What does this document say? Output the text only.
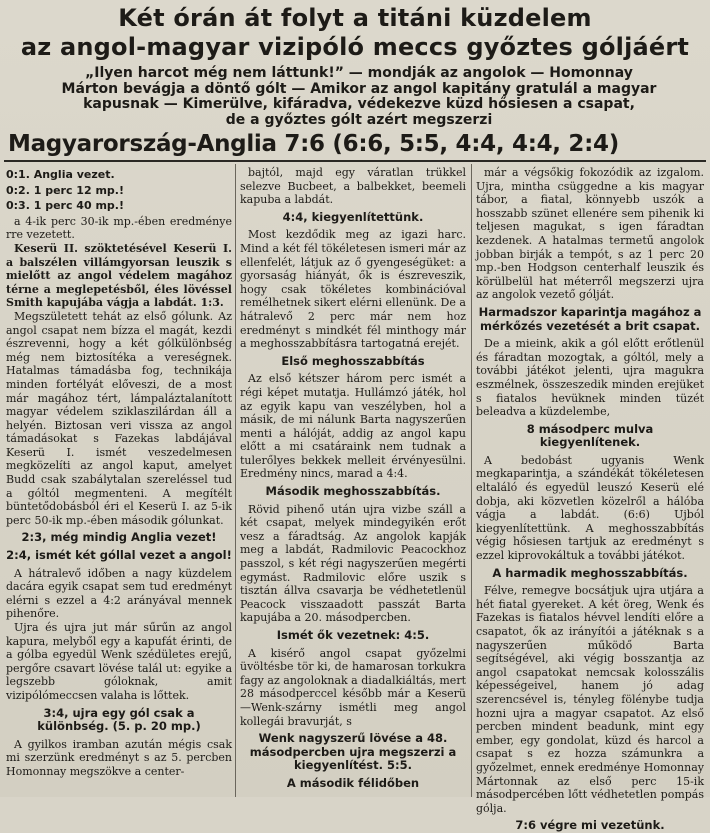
Két órán át folyt a titáni küzdelem
az angol-magyar vizipóló meccs győztes góljáért
„Ilyen harcot még nem láttunk!” — mondják az angolok — Homonnay
Márton bevágja a döntő gólt — Amikor az angol kapitány gratulál a magyar
kapusnak — Kimerülve, kifáradva, védekezve küzd hősiesen a csapat,
de a győztes gólt azért megszerzi
Magyarország-Anglia 7:6 (6:6, 5:5, 4:4, 4:4, 2:4)

0:1. Anglia vezet.

0:2. 1 perc 12 mp.!

0:3. 1 perc 40 mp.!

a 4-ik perc 30-ik mp.-ében eredménye rre vezetett.

Keserü II. szöktetésével Keserü I. a balszélen villámgyorsan leuszik s mielőtt az angol védelem magához térne a meglepetésből, éles lövéssel Smith kapujába vágja a labdát. 1:3.

Megszületett tehát az első gólunk. Az angol csapat nem bízza el magát, kezdi észrevenni, hogy a két gólkülönbség még nem biztosítéka a vereségnek. Hatalmas támadásba fog, technikája minden fortélyát előveszi, de a most már magához tért, lámpaláztalanított magyar védelem sziklaszilárdan áll a helyén. Biztosan veri vissza az angol támadásokat s Fazekas labdájával Keserü I. ismét veszedelmesen megközelíti az angol kaput, amelyet Budd csak szabálytalan szereléssel tud a góltól megmenteni. A megítélt büntetődobásból éri el Keserü I. az 5-ik perc 50-ik mp.-ében második gólunkat.

2:3, még mindig Anglia vezet!

2:4, ismét két góllal vezet a angol!

A hátralevő időben a nagy küzdelem dacára egyik csapat sem tud eredményt elérni s ezzel a 4:2 arányával mennek pihenőre.

Ujra és ujra jut már sűrűn az angol kapura, melyből egy a kapufát érinti, de a gólba egyedül Wenk szédületes erejű, pergőre csavart lövése talál ut: egyike a legszebb góloknak, amit vizipólómeccsen valaha is lőttek.

3:4, ujra egy gól csak a különbség. (5. p. 20 mp.)

A gyilkos iramban azután mégis csak mi szerzünk eredményt s az 5. percben Homonnay megszökve a center-

bajtól, majd egy váratlan trükkel selezve Bucbeet, a balbekket, beemeli kapuba a labdát.

4:4, kiegyenlítettünk.

Most kezdődik meg az igazi harc. Mind a két fél tökéletesen ismeri már az ellenfelét, látjuk az ő gyengeségüket: a gyorsaság hiányát, ők is észreveszik, hogy csak tökéletes kombinációval remélhetnek sikert elérni ellenünk. De a hátralevő 2 perc már nem hoz eredményt s mindkét fél minthogy már a meghosszabbításra tartogatná erejét.

Első meghosszabbítás

Az első kétszer három perc ismét a régi képet mutatja. Hullámzó játék, hol az egyik kapu van veszélyben, hol a másik, de mi nálunk Barta nagyszerűen menti a hálóját, addig az angol kapu előtt a mi csatáraink nem tudnak a tulerőlyes bekkek melleit érvényesülni. Eredmény nincs, marad a 4:4.

Második meghosszabbítás.

Rövid pihenő után ujra vizbe száll a két csapat, melyek mindegyikén erőt vesz a fáradtság. Az angolok kapják meg a labdát, Radmilovic Peacockhoz passzol, s két régi nagyszerűen megérti egymást. Radmilovic előre uszik s tisztán állva csavarja be védhetetlenül Peacock visszaadott passzát Barta kapujába a 20. másodpercben.

Ismét ők vezetnek: 4:5.

A kisérő angol csapat győzelmi üvöltésbe tör ki, de hamarosan torkukra fagy az angoloknak a diadalkiáltás, mert 28 másodperccel később már a Keserü—Wenk-szárny ismétli meg angol kollegái bravurját, s

Wenk nagyszerű lövése a 48. másodpercben ujra megszerzi a kiegyenlítést. 5:5.

A második félidőben

már a végsőkig fokozódik az izgalom. Ujra, mintha csüggedne a kis magyar tábor, a fiatal, könnyebb uszók a hosszabb szünet ellenére sem pihenik ki teljesen magukat, s igen fáradtan kezdenek. A hatalmas termetű angolok jobban birják a tempót, s az 1 perc 20 mp.-ben Hodgson centerhalf leuszik és körülbelül hat méterről megszerzi ujra az angolok vezető gólját.

Harmadszor kaparintja magához a mérkőzés vezetését a brit csapat.

De a mieink, akik a gól előtt erőtlenül és fáradtan mozogtak, a góltól, mely a további játékot jelenti, ujra magukra eszmélnek, összeszedik minden erejüket s fiatalos hevüknek minden tüzét beleadva a küzdelembe,

8 másodperc mulva kiegyenlítenek.

A bedobást ugyanis Wenk megkaparintja, a szándékát tökéletesen eltaláló és egyedül leuszó Keserü elé dobja, aki közvetlen közelről a hálóba vágja a labdát. (6:6) Ujból kiegyenlítettünk. A meghosszabbítás végig hősiesen tartjuk az eredményt s ezzel kiprovokáltuk a további játékot.

A harmadik meghosszabbítás.

Félve, remegve bocsátjuk ujra utjára a hét fiatal gyereket. A két öreg, Wenk és Fazekas is fiatalos hévvel lendíti előre a csapatot, ők az irányítói a játéknak s a nagyszerűen működő Barta segítségével, aki végig bosszantja az angol csapatokat nemcsak kolosszális képességeivel, hanem jó adag szerencsével is, tényleg fölénybe tudja hozni ujra a magyar csapatot. Az első percben mindent beadunk, mint egy ember, egy gondolat, küzd és harcol a csapat s ez hozza számunkra a győzelmet, ennek eredménye Homonnay Mártonnak az első perc 15-ik másodpercében lőtt védhetetlen pompás gólja.

7:6 végre mi vezetünk.
